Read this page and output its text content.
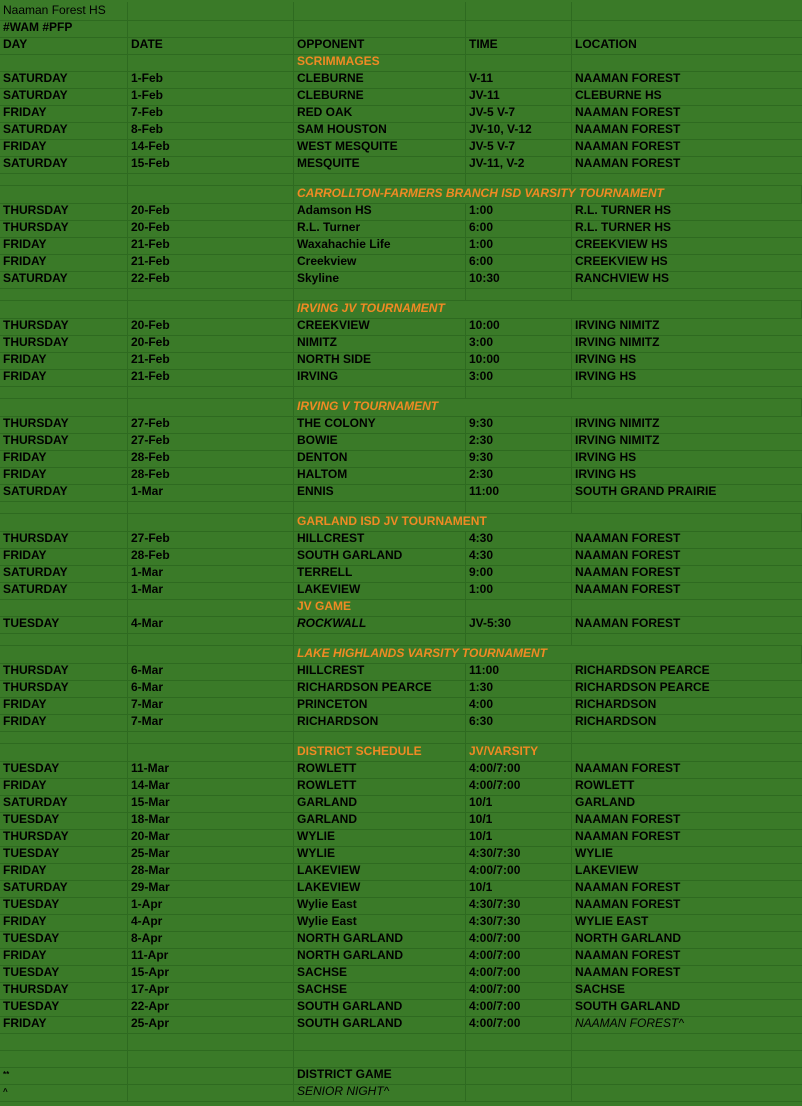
Naaman Forest HS
#WAM #PFP
DAY	DATE	OPPONENT	TIME	LOCATION
SCRIMMAGES
SATURDAY	1-Feb	CLEBURNE	V-11	NAAMAN FOREST
SATURDAY	1-Feb	CLEBURNE	JV-11	CLEBURNE HS
FRIDAY	7-Feb	RED OAK	JV-5 V-7	NAAMAN FOREST
SATURDAY	8-Feb	SAM HOUSTON	JV-10, V-12	NAAMAN FOREST
FRIDAY	14-Feb	WEST MESQUITE	JV-5 V-7	NAAMAN FOREST
SATURDAY	15-Feb	MESQUITE	JV-11, V-2	NAAMAN FOREST
CARROLLTON-FARMERS BRANCH ISD VARSITY TOURNAMENT
THURSDAY	20-Feb	Adamson HS	1:00	R.L. TURNER HS
THURSDAY	20-Feb	R.L. Turner	6:00	R.L. TURNER HS
FRIDAY	21-Feb	Waxahachie Life	1:00	CREEKVIEW HS
FRIDAY	21-Feb	Creekview	6:00	CREEKVIEW HS
SATURDAY	22-Feb	Skyline	10:30	RANCHVIEW HS
IRVING JV TOURNAMENT
THURSDAY	20-Feb	CREEKVIEW	10:00	IRVING NIMITZ
THURSDAY	20-Feb	NIMITZ	3:00	IRVING NIMITZ
FRIDAY	21-Feb	NORTH SIDE	10:00	IRVING HS
FRIDAY	21-Feb	IRVING	3:00	IRVING HS
IRVING V TOURNAMENT
THURSDAY	27-Feb	THE COLONY	9:30	IRVING NIMITZ
THURSDAY	27-Feb	BOWIE	2:30	IRVING NIMITZ
FRIDAY	28-Feb	DENTON	9:30	IRVING HS
FRIDAY	28-Feb	HALTOM	2:30	IRVING HS
SATURDAY	1-Mar	ENNIS	11:00	SOUTH GRAND PRAIRIE
GARLAND ISD JV TOURNAMENT
THURSDAY	27-Feb	HILLCREST	4:30	NAAMAN FOREST
FRIDAY	28-Feb	SOUTH GARLAND	4:30	NAAMAN FOREST
SATURDAY	1-Mar	TERRELL	9:00	NAAMAN FOREST
SATURDAY	1-Mar	LAKEVIEW	1:00	NAAMAN FOREST
JV GAME
TUESDAY	4-Mar	ROCKWALL	JV-5:30	NAAMAN FOREST
LAKE HIGHLANDS VARSITY TOURNAMENT
THURSDAY	6-Mar	HILLCREST	11:00	RICHARDSON PEARCE
THURSDAY	6-Mar	RICHARDSON PEARCE	1:30	RICHARDSON PEARCE
FRIDAY	7-Mar	PRINCETON	4:00	RICHARDSON
FRIDAY	7-Mar	RICHARDSON	6:30	RICHARDSON
DISTRICT SCHEDULE	JV/VARSITY
TUESDAY	11-Mar	ROWLETT	4:00/7:00	NAAMAN FOREST
FRIDAY	14-Mar	ROWLETT	4:00/7:00	ROWLETT
SATURDAY	15-Mar	GARLAND	10/1	GARLAND
TUESDAY	18-Mar	GARLAND	10/1	NAAMAN FOREST
THURSDAY	20-Mar	WYLIE	10/1	NAAMAN FOREST
TUESDAY	25-Mar	WYLIE	4:30/7:30	WYLIE
FRIDAY	28-Mar	LAKEVIEW	4:00/7:00	LAKEVIEW
SATURDAY	29-Mar	LAKEVIEW	10/1	NAAMAN FOREST
TUESDAY	1-Apr	Wylie East	4:30/7:30	NAAMAN FOREST
FRIDAY	4-Apr	Wylie East	4:30/7:30	WYLIE EAST
TUESDAY	8-Apr	NORTH GARLAND	4:00/7:00	NORTH GARLAND
FRIDAY	11-Apr	NORTH GARLAND	4:00/7:00	NAAMAN FOREST
TUESDAY	15-Apr	SACHSE	4:00/7:00	NAAMAN FOREST
THURSDAY	17-Apr	SACHSE	4:00/7:00	SACHSE
TUESDAY	22-Apr	SOUTH GARLAND	4:00/7:00	SOUTH GARLAND
FRIDAY	25-Apr	SOUTH GARLAND	4:00/7:00	NAAMAN FOREST^
**	DISTRICT GAME
^	SENIOR NIGHT^
